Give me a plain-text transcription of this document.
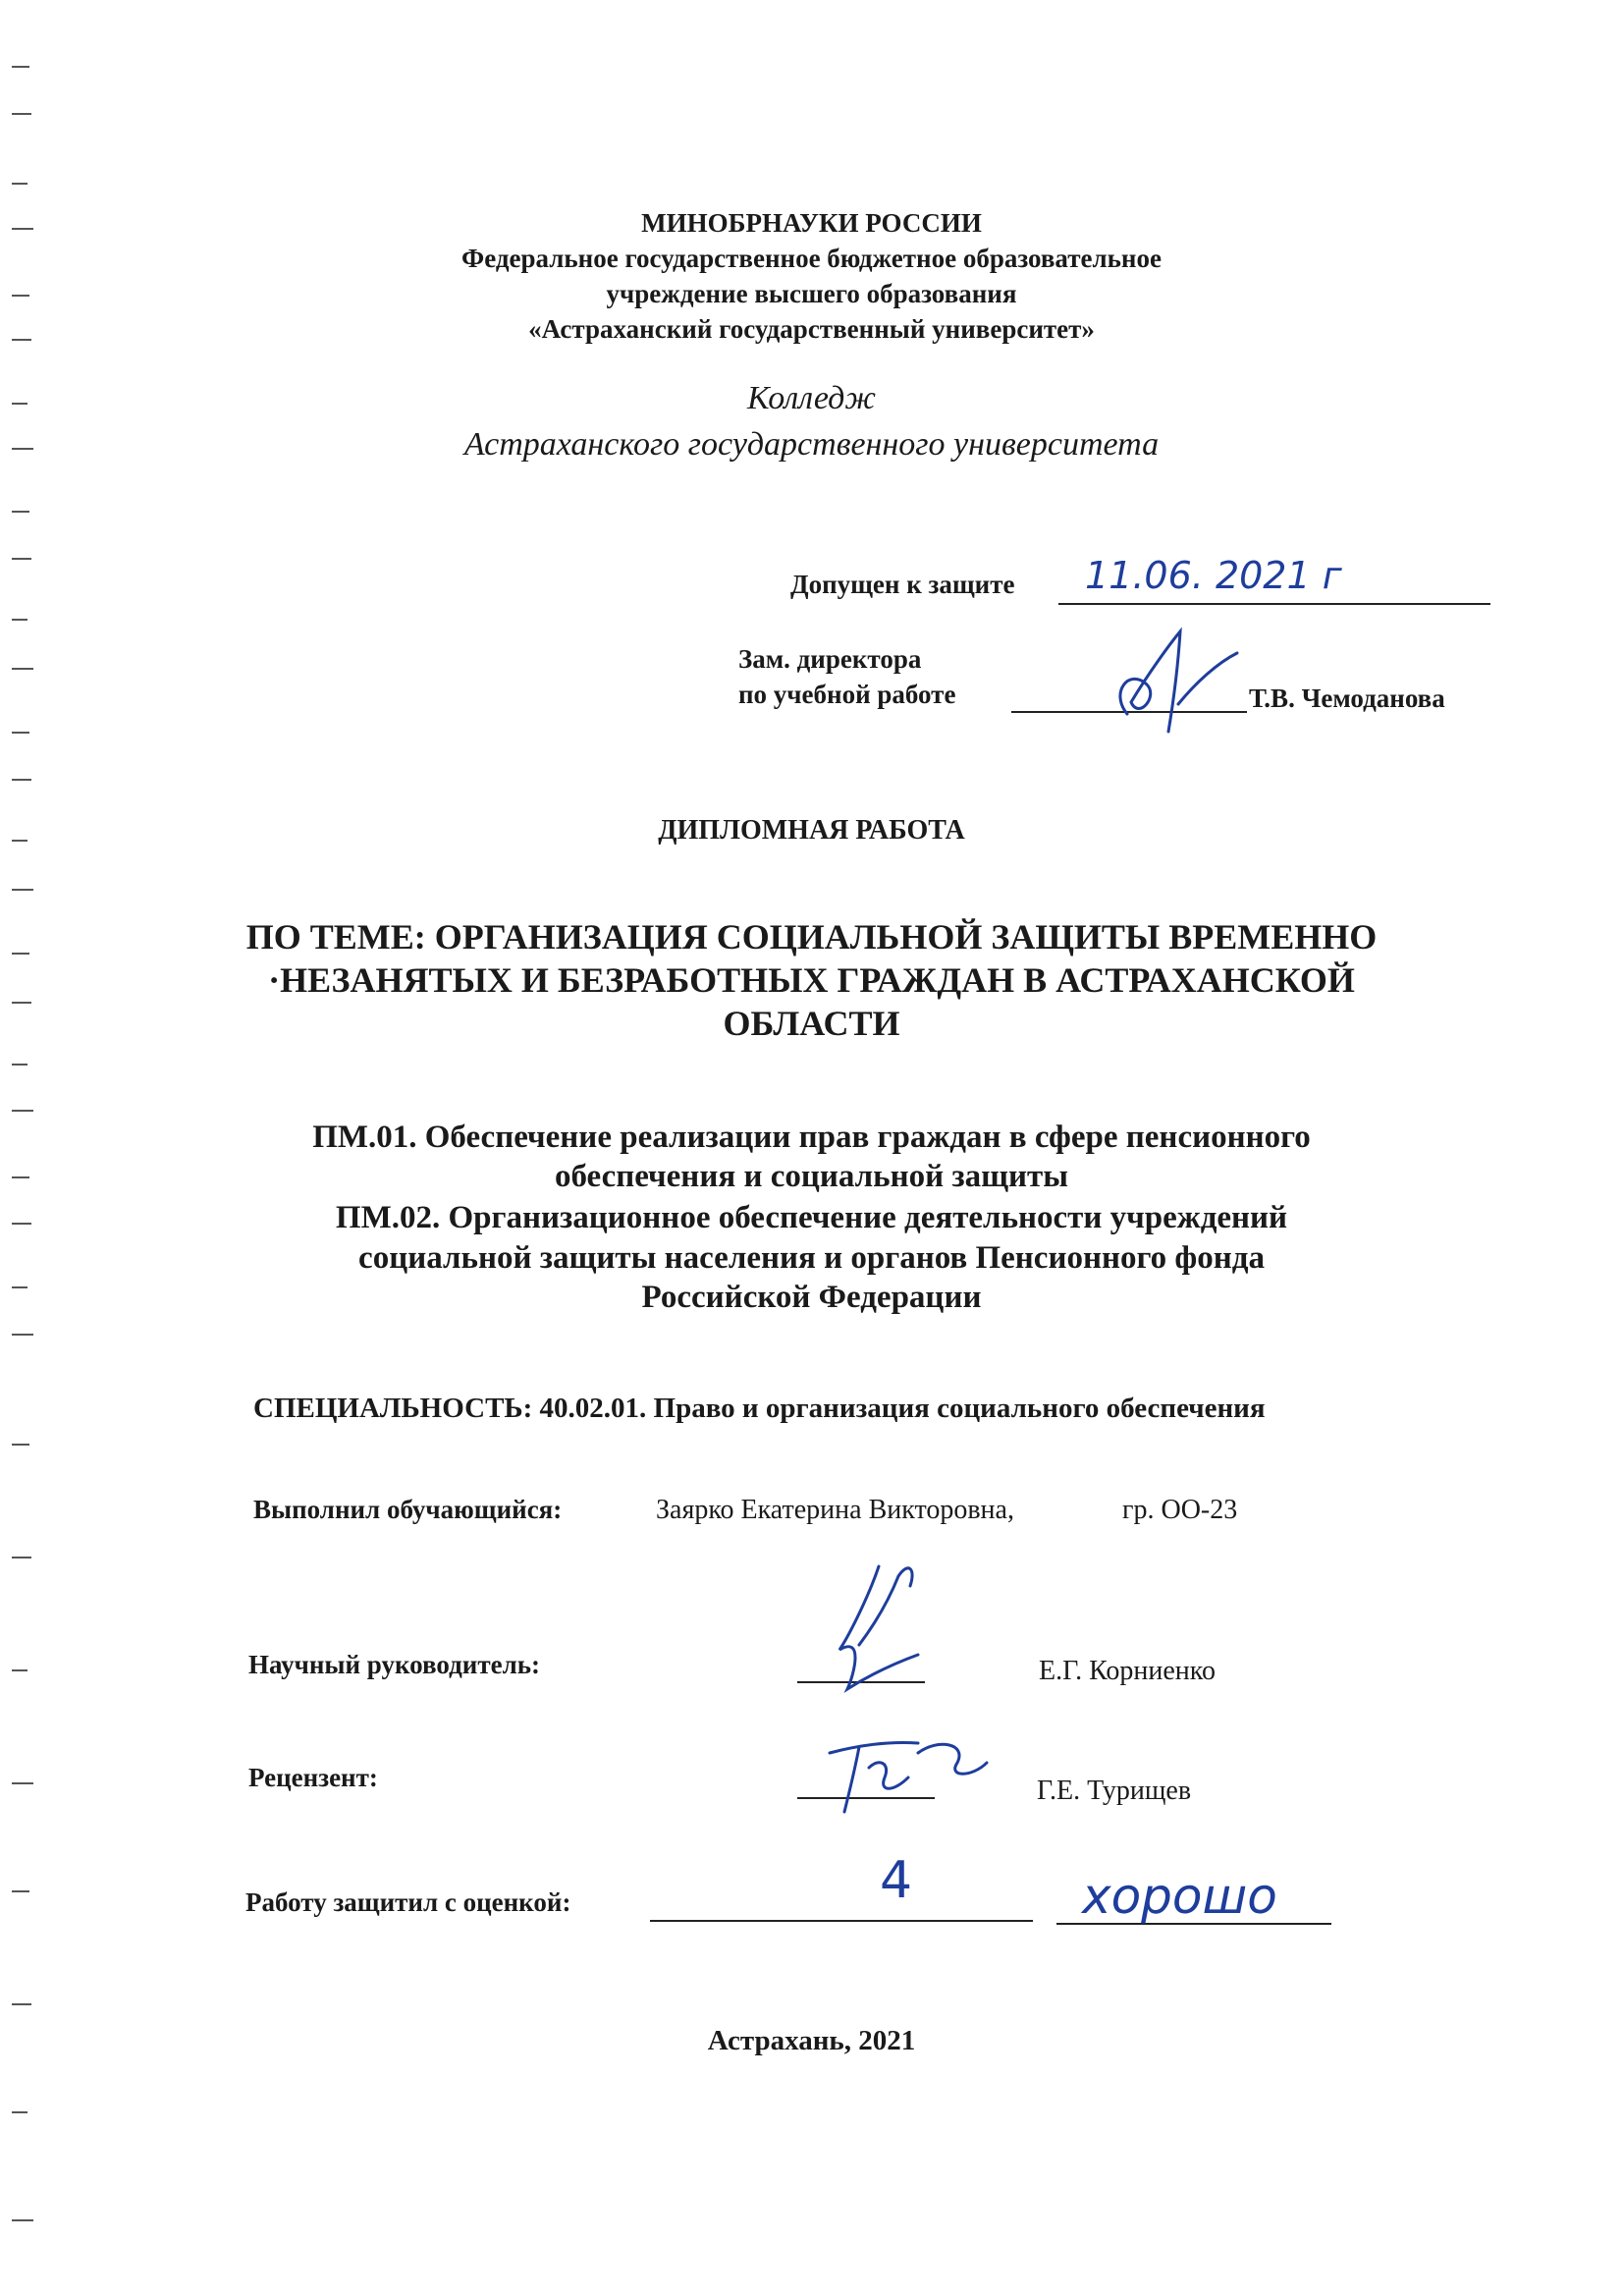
МИНОБРНАУКИ РОССИИ
Федеральное государственное бюджетное образовательное
учреждение высшего образования
«Астраханский государственный университет»
Колледж
Астраханского государственного университета
Допущен к защите 11.06. 2021 г
Зам. директора
по учебной работе	Т.В. Чемоданова
ДИПЛОМНАЯ РАБОТА
ПО ТЕМЕ: ОРГАНИЗАЦИЯ СОЦИАЛЬНОЙ ЗАЩИТЫ ВРЕМЕННО
·НЕЗАНЯТЫХ И БЕЗРАБОТНЫХ ГРАЖДАН В АСТРАХАНСКОЙ
ОБЛАСТИ
ПМ.01. Обеспечение реализации прав граждан в сфере пенсионного
обеспечения и социальной защиты
ПМ.02. Организационное обеспечение деятельности учреждений
социальной защиты населения и органов Пенсионного фонда
Российской Федерации
СПЕЦИАЛЬНОСТЬ: 40.02.01. Право и организация социального обеспечения
Выполнил обучающийся:	Заярко Екатерина Викторовна,	гр. ОО-23
Научный руководитель:	Е.Г. Корниенко
Рецензент:	Г.Е. Турищев
Работу защитил с оценкой:	4	хорошо
Астрахань, 2021
